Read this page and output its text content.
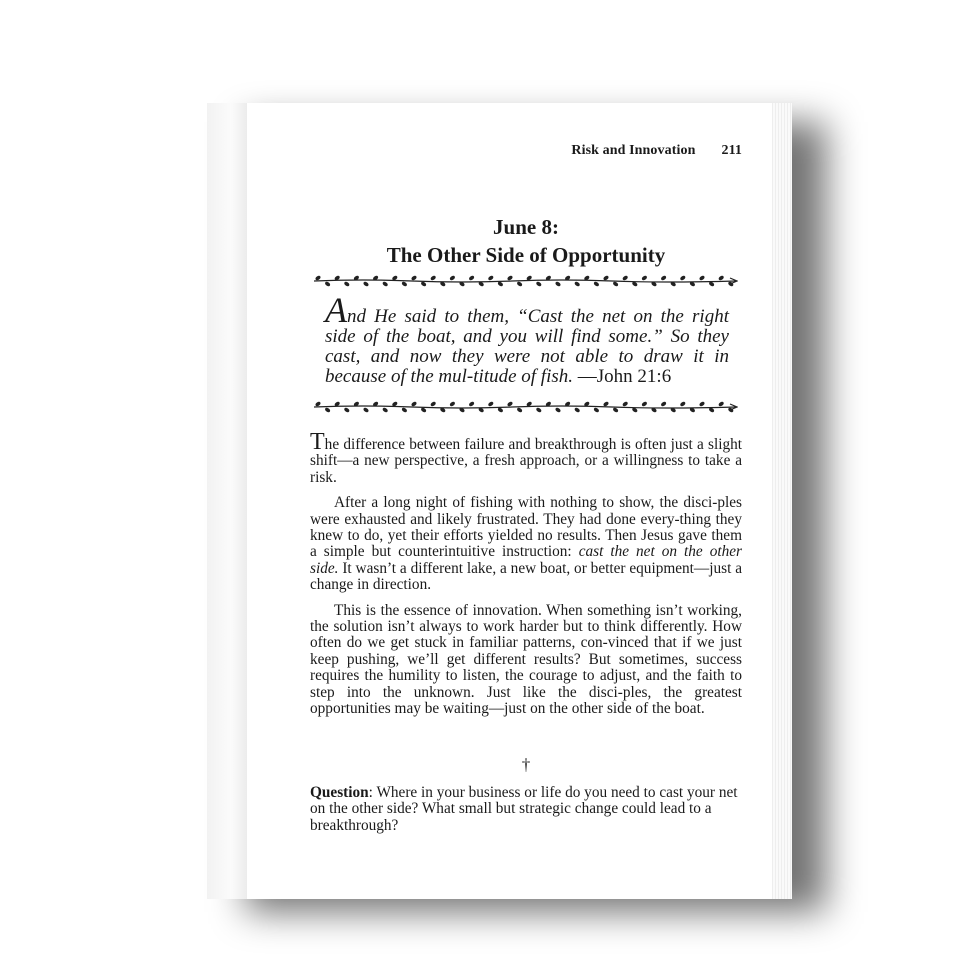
Risk and Innovation 211
June 8:
The Other Side of Opportunity
And He said to them, “Cast the net on the right side of the boat, and you will find some.” So they cast, and now they were not able to draw it in because of the mul-titude of fish. —John 21:6

The difference between failure and breakthrough is often just a slight shift—a new perspective, a fresh approach, or a willingness to take a risk.

After a long night of fishing with nothing to show, the disci-ples were exhausted and likely frustrated. They had done every-thing they knew to do, yet their efforts yielded no results. Then Jesus gave them a simple but counterintuitive instruction: cast the net on the other side. It wasn’t a different lake, a new boat, or better equipment—just a change in direction.

This is the essence of innovation. When something isn’t working, the solution isn’t always to work harder but to think differently. How often do we get stuck in familiar patterns, con-vinced that if we just keep pushing, we’ll get different results? But sometimes, success requires the humility to listen, the courage to adjust, and the faith to step into the unknown. Just like the disci-ples, the greatest opportunities may be waiting—just on the other side of the boat.

†
Question: Where in your business or life do you need to cast your net on the other side? What small but strategic change could lead to a breakthrough?
